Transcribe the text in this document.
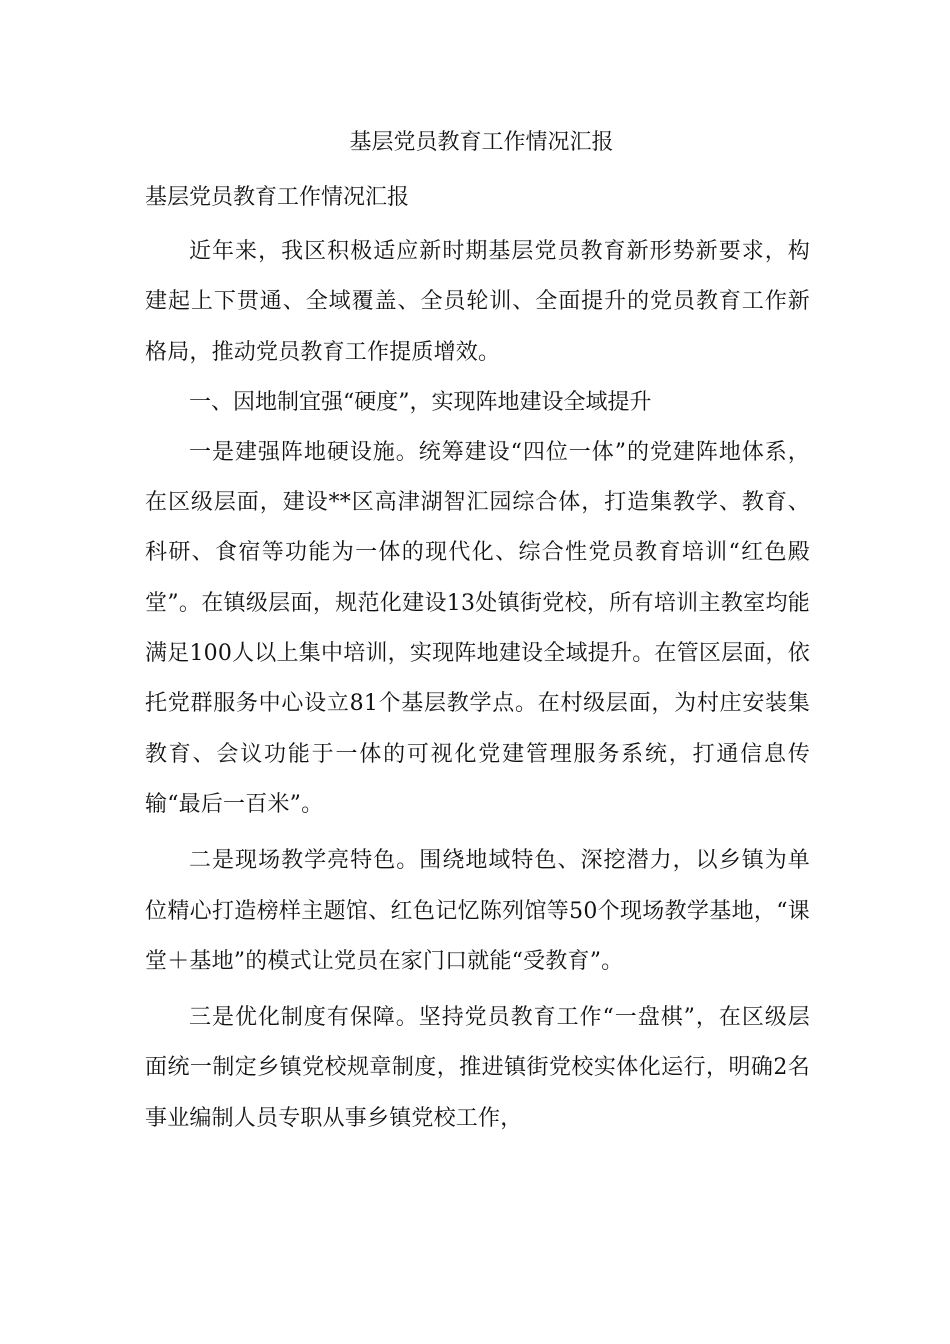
基层党员教育工作情况汇报
基层党员教育工作情况汇报

近年来，我区积极适应新时期基层党员教育新形势新要求，构建起上下贯通、全域覆盖、全员轮训、全面提升的党员教育工作新格局，推动党员教育工作提质增效。

一、因地制宜强“硬度”，实现阵地建设全域提升

一是建强阵地硬设施。统筹建设“四位一体”的党建阵地体系，在区级层面，建设**区高津湖智汇园综合体，打造集教学、教育、科研、食宿等功能为一体的现代化、综合性党员教育培训“红色殿堂”。在镇级层面，规范化建设13处镇街党校，所有培训主教室均能满足100人以上集中培训，实现阵地建设全域提升。在管区层面，依托党群服务中心设立81个基层教学点。在村级层面，为村庄安装集教育、会议功能于一体的可视化党建管理服务系统，打通信息传输“最后一百米”。

二是现场教学亮特色。围绕地域特色、深挖潜力，以乡镇为单位精心打造榜样主题馆、红色记忆陈列馆等50个现场教学基地，“课堂＋基地”的模式让党员在家门口就能“受教育”。

三是优化制度有保障。坚持党员教育工作“一盘棋”，在区级层面统一制定乡镇党校规章制度，推进镇街党校实体化运行，明确2名事业编制人员专职从事乡镇党校工作，
